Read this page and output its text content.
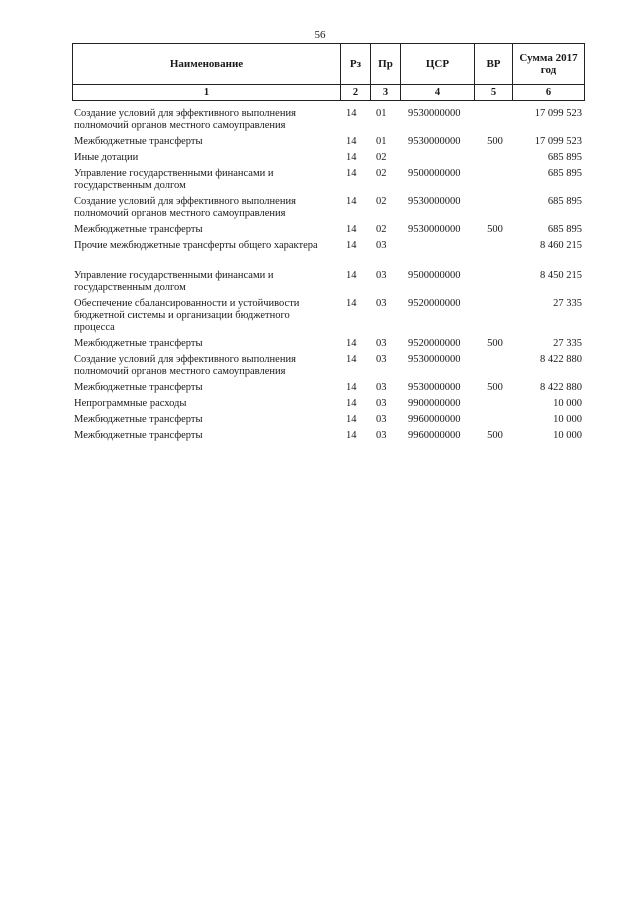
56
Наименование	Рз	Пр	ЦСР	ВР	Сумма 2017 год
1	2	3	4	5	6
Создание условий для эффективного выполнения
полномочий органов местного самоуправления	14	01	9530000000		17 099 523

Межбюджетные трансферты	14	01	9530000000	500	17 099 523

Иные дотации	14	02			685 895

Управление государственными финансами и
государственным долгом	14	02	9500000000		685 895

Создание условий для эффективного выполнения
полномочий органов местного самоуправления	14	02	9530000000		685 895

Межбюджетные трансферты	14	02	9530000000	500	685 895

Прочие межбюджетные трансферты общего характера	14	03			8 460 215

Управление государственными финансами и
государственным долгом	14	03	9500000000		8 450 215

Обеспечение сбалансированности и устойчивости
бюджетной системы и организации бюджетного
процесса	14	03	9520000000		27 335

Межбюджетные трансферты	14	03	9520000000	500	27 335

Создание условий для эффективного выполнения
полномочий органов местного самоуправления	14	03	9530000000		8 422 880

Межбюджетные трансферты	14	03	9530000000	500	8 422 880

Непрограммные расходы	14	03	9900000000		10 000

Межбюджетные трансферты	14	03	9960000000		10 000

Межбюджетные трансферты	14	03	9960000000	500	10 000
